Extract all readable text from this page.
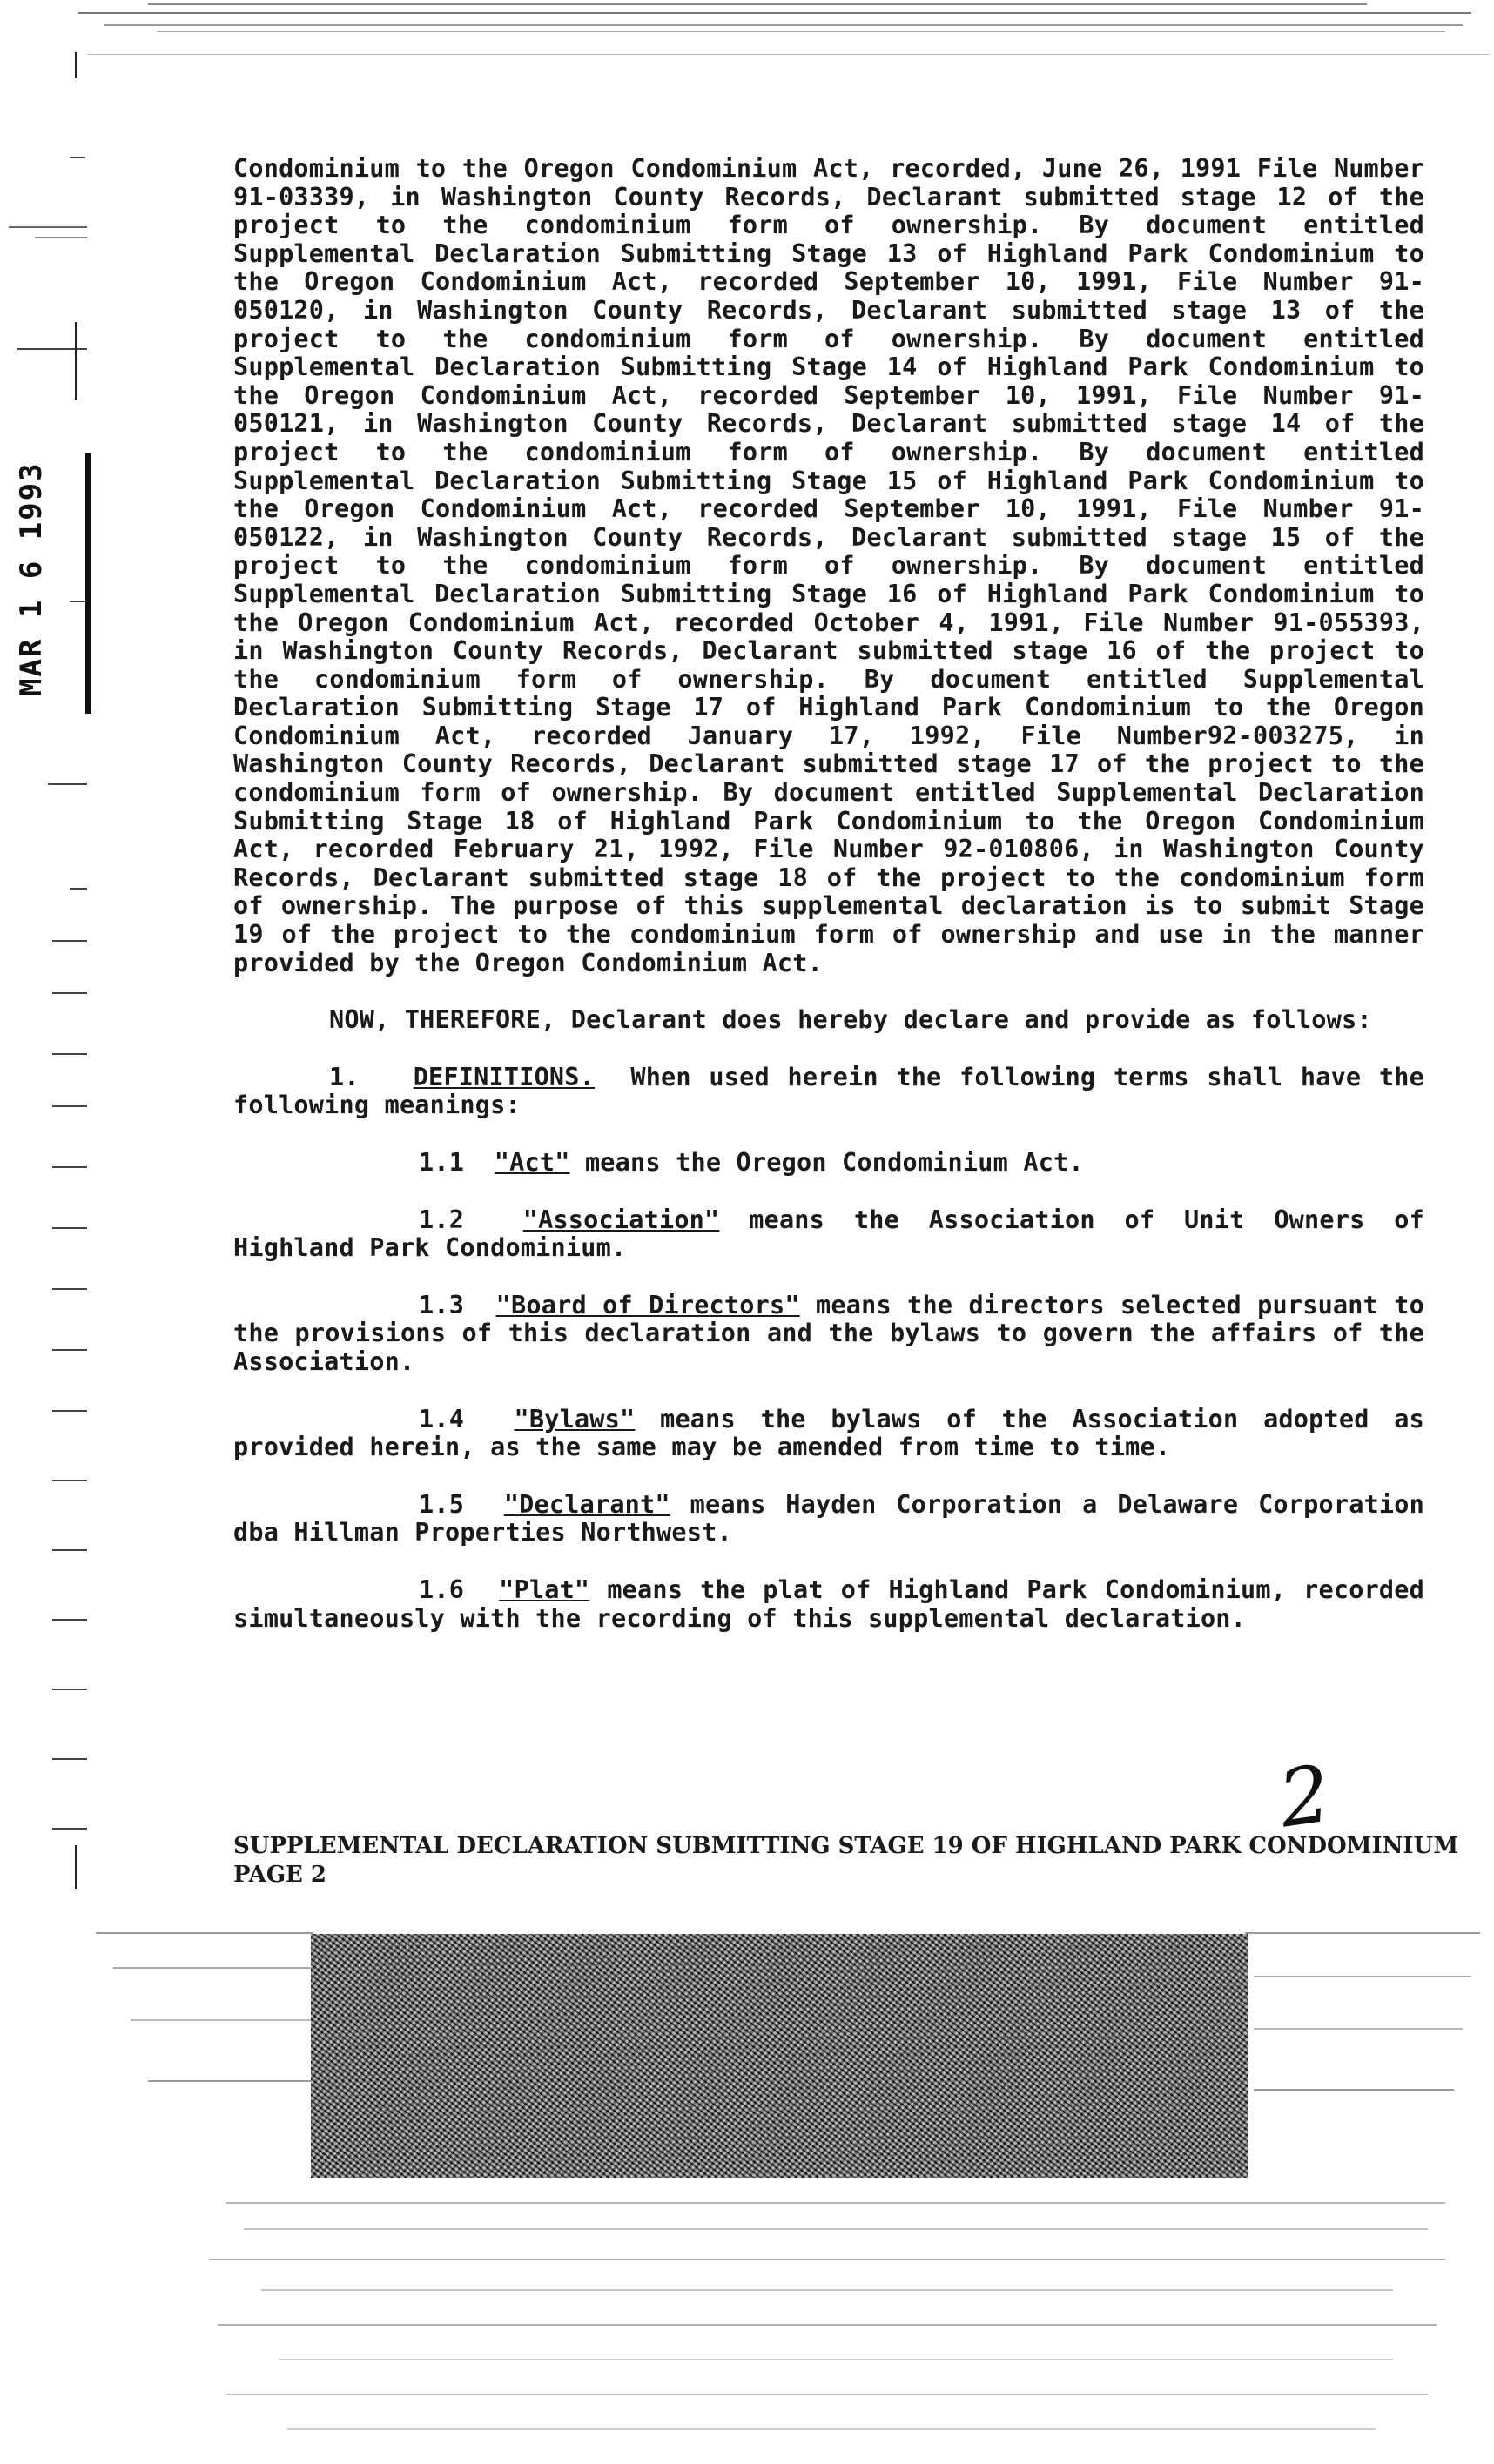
MAR 1 6 1993

Condominium to the Oregon Condominium Act, recorded, June 26, 1991 File Number 91-03339, in Washington County Records, Declarant submitted stage 12 of the project to the condominium form of ownership. By document entitled Supplemental Declaration Submitting Stage 13 of Highland Park Condominium to the Oregon Condominium Act, recorded September 10, 1991, File Number 91-050120, in Washington County Records, Declarant submitted stage 13 of the project to the condominium form of ownership. By document entitled Supplemental Declaration Submitting Stage 14 of Highland Park Condominium to the Oregon Condominium Act, recorded September 10, 1991, File Number 91-050121, in Washington County Records, Declarant submitted stage 14 of the project to the condominium form of ownership. By document entitled Supplemental Declaration Submitting Stage 15 of Highland Park Condominium to the Oregon Condominium Act, recorded September 10, 1991, File Number 91-050122, in Washington County Records, Declarant submitted stage 15 of the project to the condominium form of ownership. By document entitled Supplemental Declaration Submitting Stage 16 of Highland Park Condominium to the Oregon Condominium Act, recorded October 4, 1991, File Number 91-055393, in Washington County Records, Declarant submitted stage 16 of the project to the condominium form of ownership. By document entitled Supplemental Declaration Submitting Stage 17 of Highland Park Condominium to the Oregon Condominium Act, recorded January 17, 1992, File Number92-003275, in Washington County Records, Declarant submitted stage 17 of the project to the condominium form of ownership. By document entitled Supplemental Declaration Submitting Stage 18 of Highland Park Condominium to the Oregon Condominium Act, recorded February 21, 1992, File Number 92-010806, in Washington County Records, Declarant submitted stage 18 of the project to the condominium form of ownership. The purpose of this supplemental declaration is to submit Stage 19 of the project to the condominium form of ownership and use in the manner provided by the Oregon Condominium Act.

NOW, THEREFORE, Declarant does hereby declare and provide as follows:

1. DEFINITIONS. When used herein the following terms shall have the following meanings:

1.1 "Act" means the Oregon Condominium Act.

1.2 "Association" means the Association of Unit Owners of Highland Park Condominium.

1.3 "Board of Directors" means the directors selected pursuant to the provisions of this declaration and the bylaws to govern the affairs of the Association.

1.4 "Bylaws" means the bylaws of the Association adopted as provided herein, as the same may be amended from time to time.

1.5 "Declarant" means Hayden Corporation a Delaware Corporation dba Hillman Properties Northwest.

1.6 "Plat" means the plat of Highland Park Condominium, recorded simultaneously with the recording of this supplemental declaration.

2
SUPPLEMENTAL DECLARATION SUBMITTING STAGE 19 OF HIGHLAND PARK CONDOMINIUM
PAGE 2
